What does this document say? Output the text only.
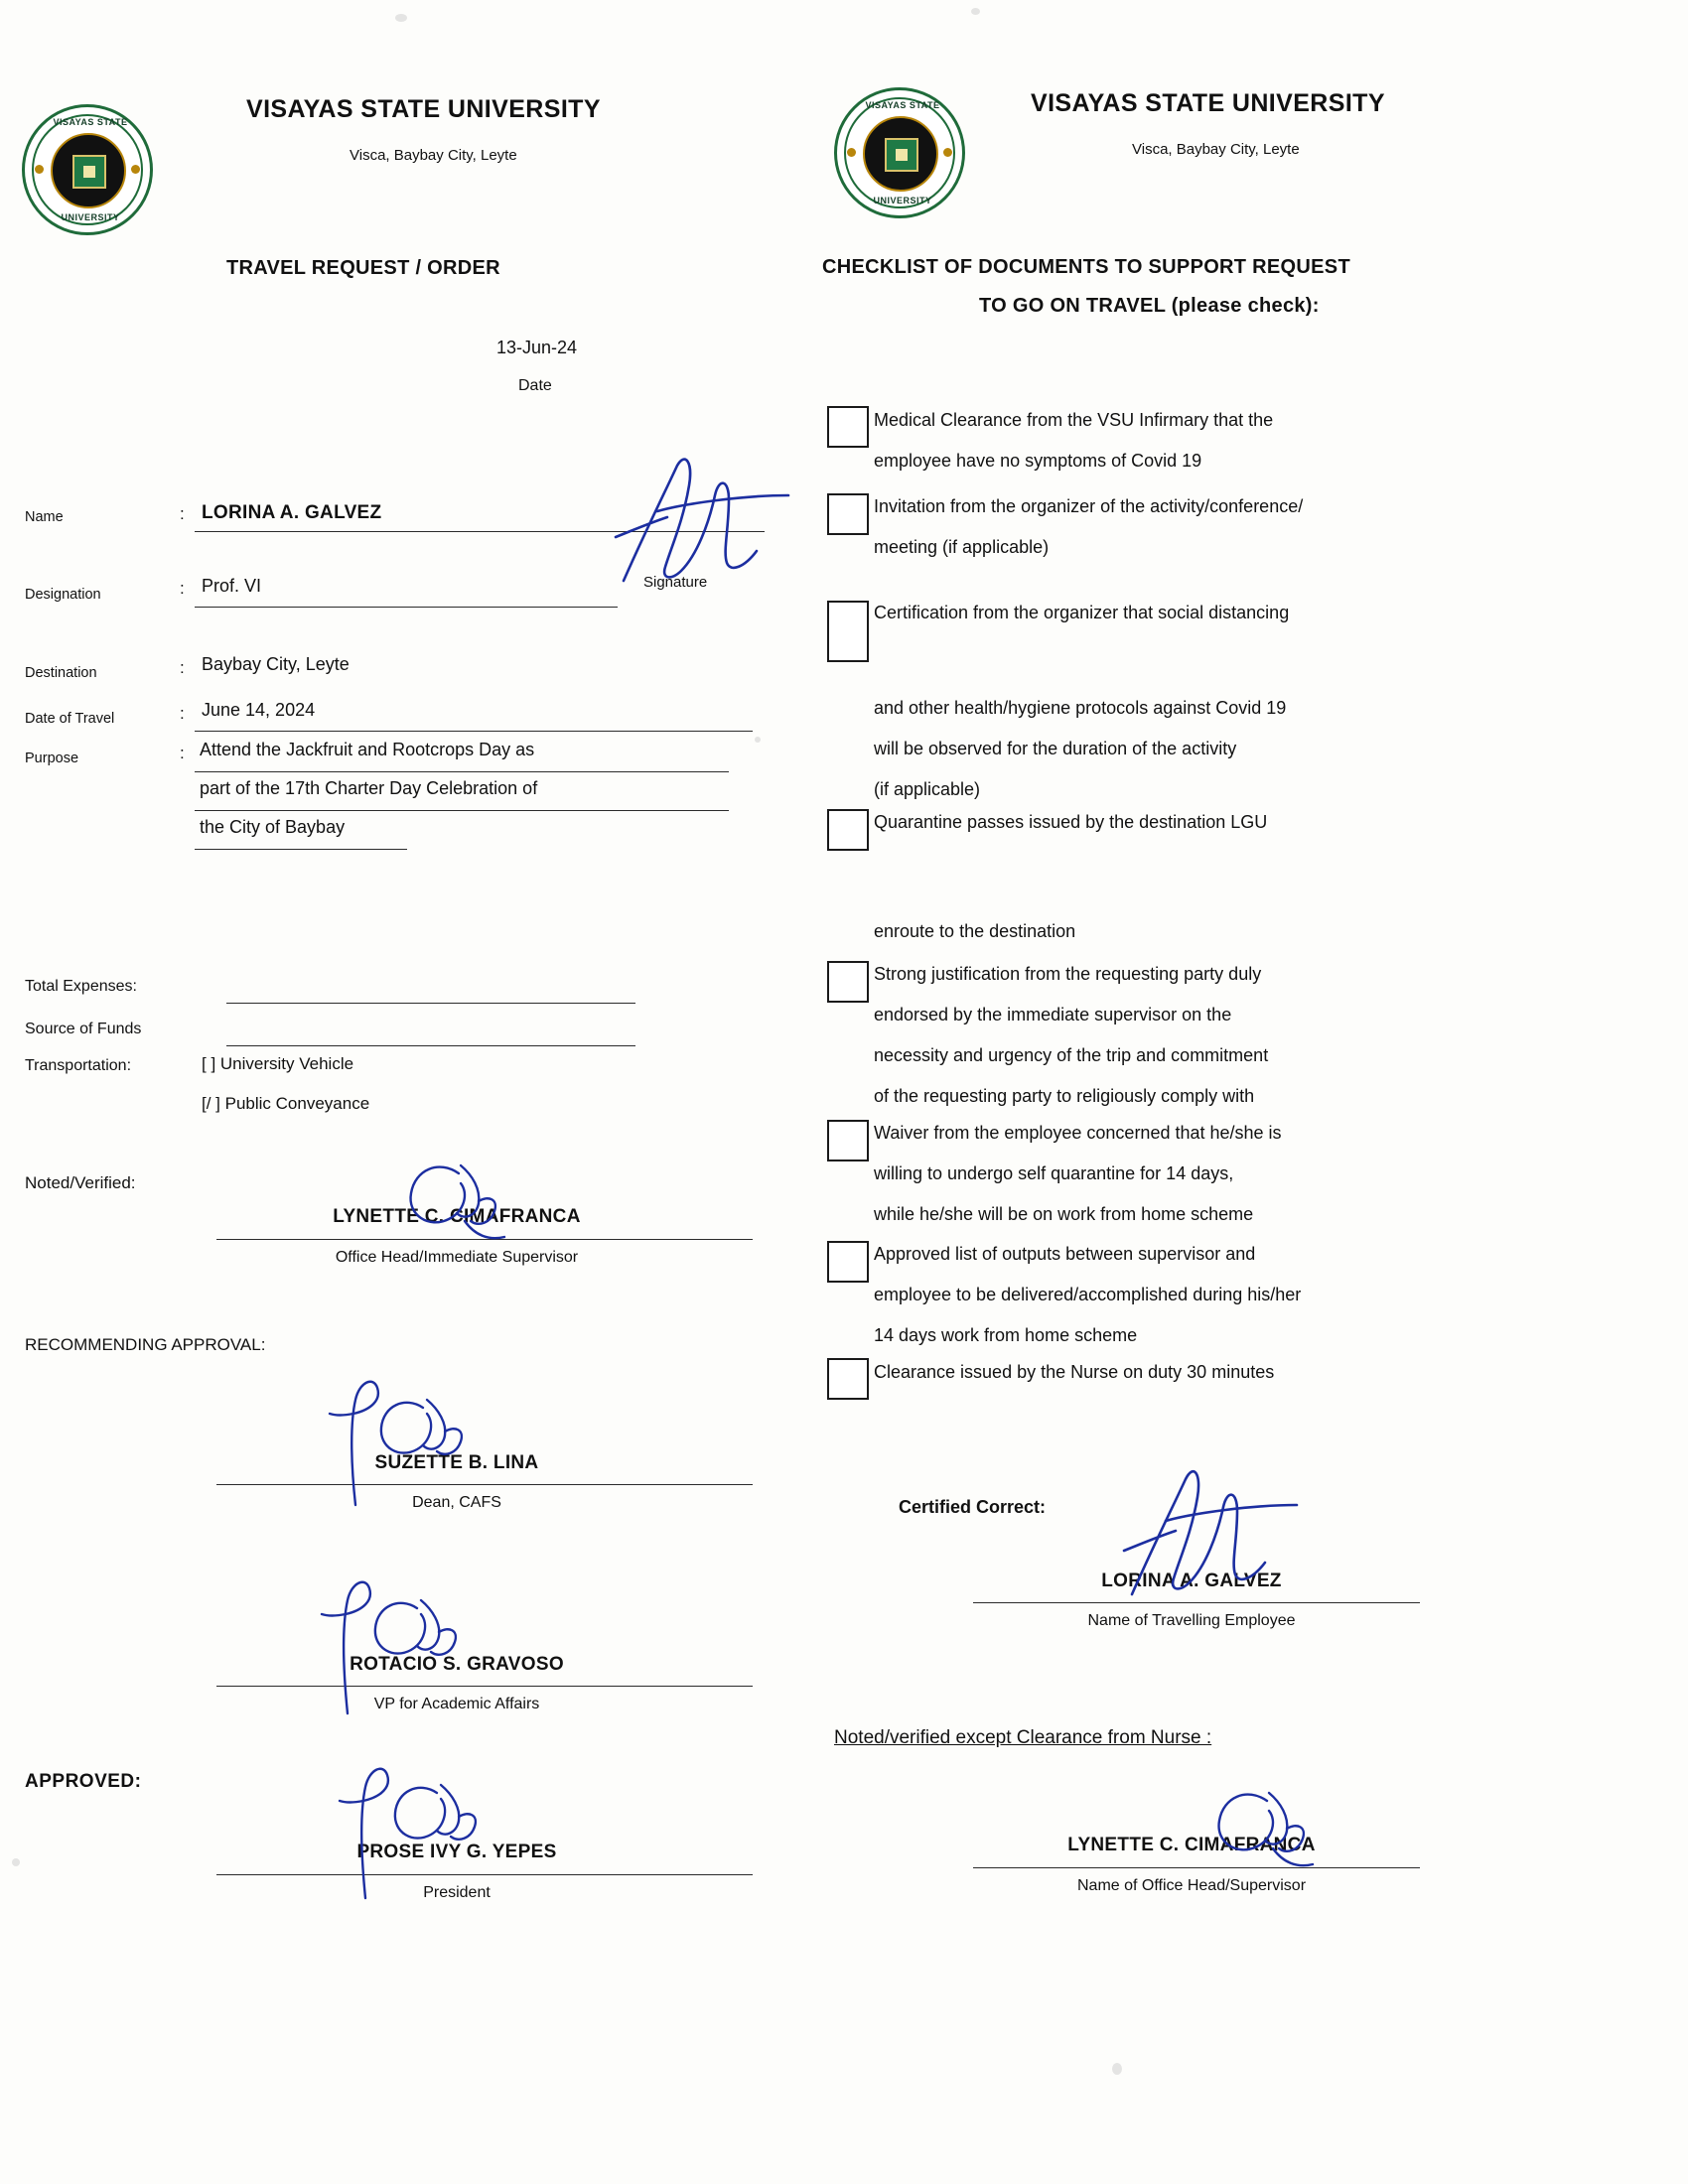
VISAYAS STATE
UNIVERSITY
VISAYAS STATE UNIVERSITY
Visca, Baybay City, Leyte
TRAVEL REQUEST / ORDER
13-Jun-24
Date
Name	: LORINA A. GALVEZ
Designation	: Prof. VI	Signature
Destination	: Baybay City, Leyte
Date of Travel	: June 14, 2024
Purpose	: Attend the Jackfruit and Rootcrops Day as
part of the 17th Charter Day Celebration of
the City of Baybay
Total Expenses:
Source of Funds
Transportation:	[ ] University Vehicle
[/ ] Public Conveyance
Noted/Verified:
LYNETTE C. CIMAFRANCA
Office Head/Immediate Supervisor
RECOMMENDING APPROVAL:
SUZETTE B. LINA
Dean, CAFS
ROTACIO S. GRAVOSO
VP for Academic Affairs
APPROVED:
PROSE IVY G. YEPES
President
VISAYAS STATE
UNIVERSITY
VISAYAS STATE UNIVERSITY
Visca, Baybay City, Leyte
CHECKLIST OF DOCUMENTS TO SUPPORT REQUEST
TO GO ON TRAVEL (please check):
Medical Clearance from the VSU Infirmary that the
employee have no symptoms of Covid 19
Invitation from the organizer of the activity/conference/
meeting (if applicable)
Certification from the organizer that social distancing
and other health/hygiene protocols against Covid 19
will be observed for the duration of the activity
(if applicable)
Quarantine passes issued by the destination LGU
enroute to the destination
Strong justification from the requesting party duly
endorsed by the immediate supervisor on the
necessity and urgency of the trip and commitment
of the requesting party to religiously comply with
Waiver from the employee concerned that he/she is
willing to undergo self quarantine for 14 days,
while he/she will be on work from home scheme
Approved list of outputs between supervisor and
employee to be delivered/accomplished during his/her
14 days work from home scheme
Clearance issued by the Nurse on duty 30 minutes
Certified Correct:
LORINA A. GALVEZ
Name of Travelling Employee
Noted/verified except Clearance from Nurse :
LYNETTE C. CIMAFRANCA
Name of Office Head/Supervisor
